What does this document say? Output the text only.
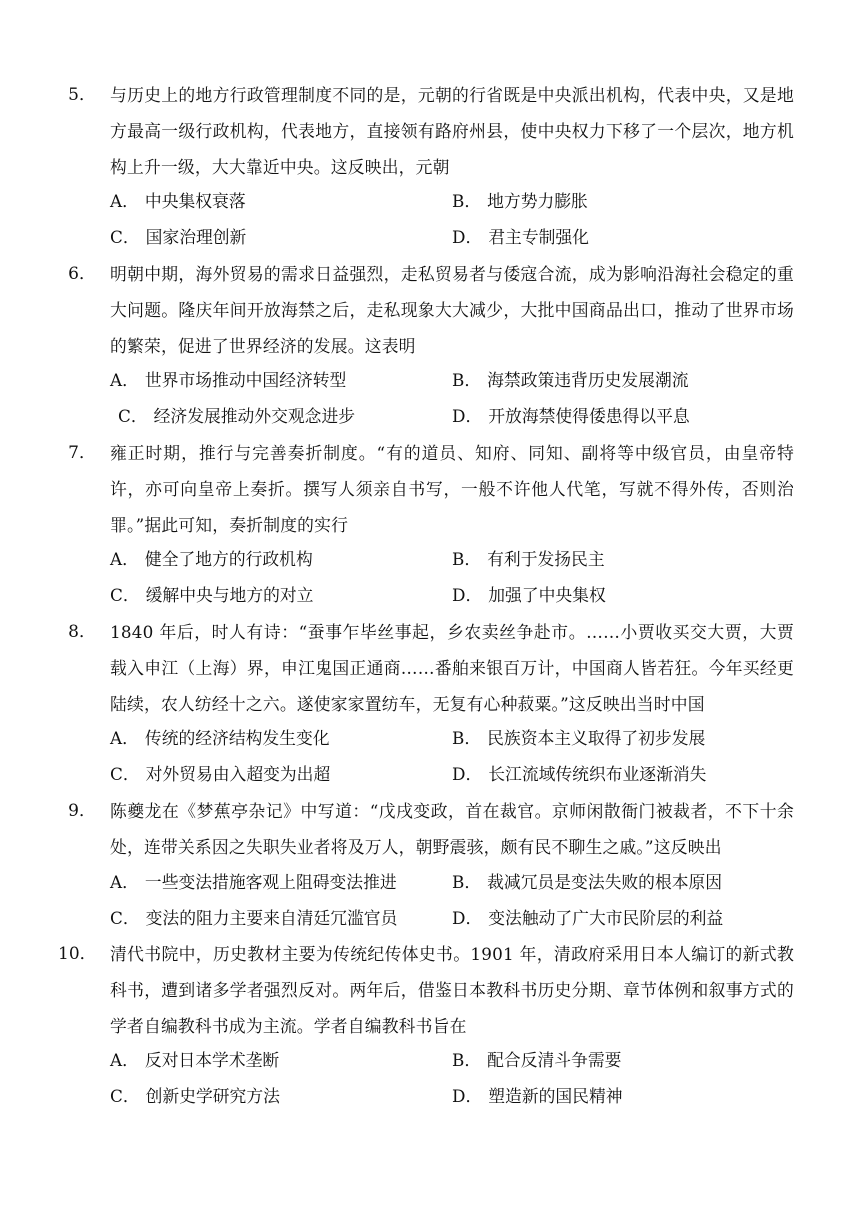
5． 与历史上的地方行政管理制度不同的是，元朝的行省既是中央派出机构，代表中央，又是地方最高一级行政机构，代表地方，直接领有路府州县，使中央权力下移了一个层次，地方机构上升一级，大大靠近中央。这反映出，元朝
A． 中央集权衰落	B． 地方势力膨胀
C． 国家治理创新	D． 君主专制强化
6． 明朝中期，海外贸易的需求日益强烈，走私贸易者与倭寇合流，成为影响沿海社会稳定的重大问题。隆庆年间开放海禁之后，走私现象大大减少，大批中国商品出口，推动了世界市场的繁荣，促进了世界经济的发展。这表明
A． 世界市场推动中国经济转型	B． 海禁政策违背历史发展潮流
C． 经济发展推动外交观念进步	D． 开放海禁使得倭患得以平息
7． 雍正时期，推行与完善奏折制度。“有的道员、知府、同知、副将等中级官员，由皇帝特许，亦可向皇帝上奏折。撰写人须亲自书写，一般不许他人代笔，写就不得外传，否则治罪。”据此可知，奏折制度的实行
A． 健全了地方的行政机构	B． 有利于发扬民主
C． 缓解中央与地方的对立	D． 加强了中央集权
8． 1840 年后，时人有诗：“蚕事乍毕丝事起，乡农卖丝争赴市。……小贾收买交大贾，大贾载入申江（上海）界，申江鬼国正通商……番舶来银百万计，中国商人皆若狂。今年买经更陆续，农人纺经十之六。遂使家家置纺车，无复有心种菽粟。”这反映出当时中国
A． 传统的经济结构发生变化	B． 民族资本主义取得了初步发展
C． 对外贸易由入超变为出超	D． 长江流域传统织布业逐渐消失
9． 陈夔龙在《梦蕉亭杂记》中写道：“戊戌变政，首在裁官。京师闲散衙门被裁者，不下十余处，连带关系因之失职失业者将及万人，朝野震骇，颇有民不聊生之戚。”这反映出
A． 一些变法措施客观上阻碍变法推进	B． 裁减冗员是变法失败的根本原因
C． 变法的阻力主要来自清廷冗滥官员	D． 变法触动了广大市民阶层的利益
10． 清代书院中，历史教材主要为传统纪传体史书。1901 年，清政府采用日本人编订的新式教科书，遭到诸多学者强烈反对。两年后，借鉴日本教科书历史分期、章节体例和叙事方式的学者自编教科书成为主流。学者自编教科书旨在
A． 反对日本学术垄断	B． 配合反清斗争需要
C． 创新史学研究方法	D． 塑造新的国民精神
